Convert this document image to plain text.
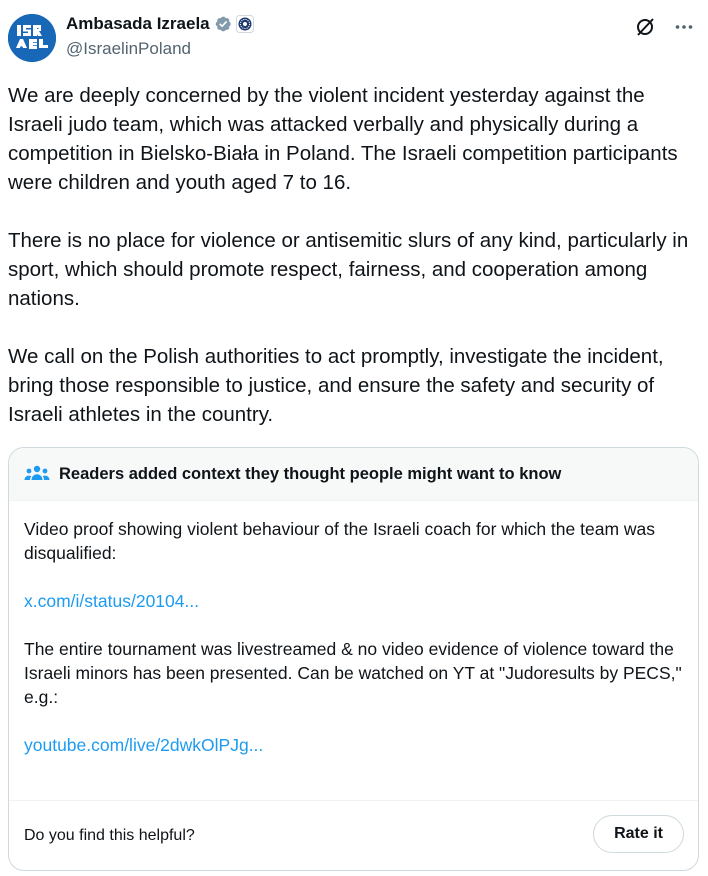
Ambasada Izraela
@IsraelinPoland

We are deeply concerned by the violent incident yesterday against the Israeli judo team, which was attacked verbally and physically during a competition in Bielsko-Biała in Poland. The Israeli competition participants were children and youth aged 7 to 16.

There is no place for violence or antisemitic slurs of any kind, particularly in sport, which should promote respect, fairness, and cooperation among nations.

We call on the Polish authorities to act promptly, investigate the incident, bring those responsible to justice, and ensure the safety and security of Israeli athletes in the country.

Readers added context they thought people might want to know

Video proof showing violent behaviour of the Israeli coach for which the team was disqualified:

x.com/i/status/20104...

The entire tournament was livestreamed & no video evidence of violence toward the Israeli minors has been presented. Can be watched on YT at "Judoresults by PECS," e.g.:

youtube.com/live/2dwkOlPJg...

Do you find this helpful?	Rate it
